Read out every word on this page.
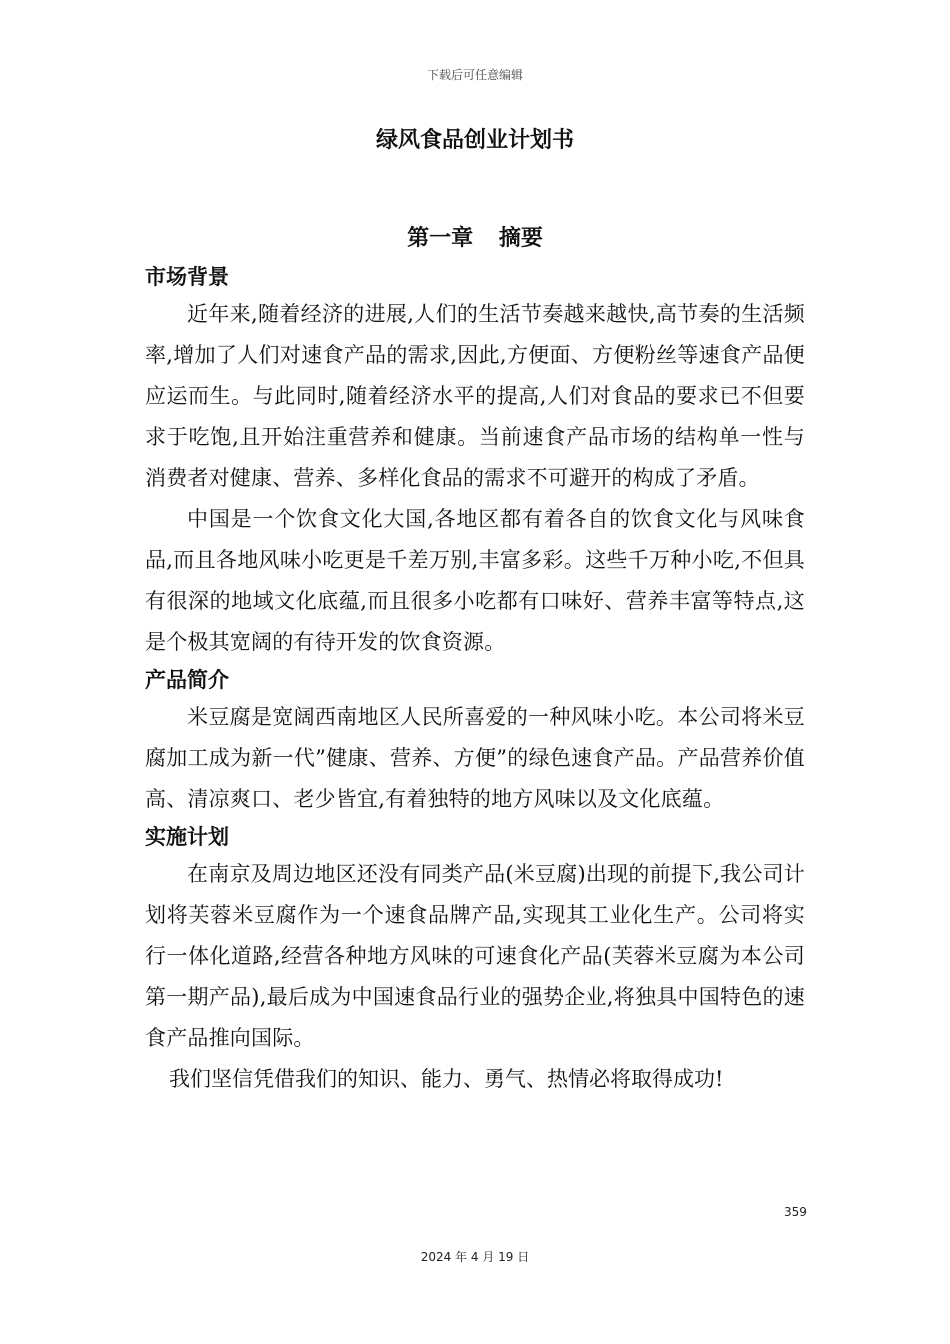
下载后可任意编辑
绿风食品创业计划书
第一章 摘要
市场背景

近年来,随着经济的进展,人们的生活节奏越来越快,高节奏的生活频率,增加了人们对速食产品的需求,因此,方便面、方便粉丝等速食产品便应运而生。与此同时,随着经济水平的提高,人们对食品的要求已不但要求于吃饱,且开始注重营养和健康。当前速食产品市场的结构单一性与消费者对健康、营养、多样化食品的需求不可避开的构成了矛盾。

中国是一个饮食文化大国,各地区都有着各自的饮食文化与风味食品,而且各地风味小吃更是千差万别,丰富多彩。这些千万种小吃,不但具有很深的地域文化底蕴,而且很多小吃都有口味好、营养丰富等特点,这是个极其宽阔的有待开发的饮食资源。

产品简介

米豆腐是宽阔西南地区人民所喜爱的一种风味小吃。本公司将米豆腐加工成为新一代”健康、营养、方便”的绿色速食产品。产品营养价值高、清凉爽口、老少皆宜,有着独特的地方风味以及文化底蕴。

实施计划

在南京及周边地区还没有同类产品(米豆腐)出现的前提下,我公司计划将芙蓉米豆腐作为一个速食品牌产品,实现其工业化生产。公司将实行一体化道路,经营各种地方风味的可速食化产品(芙蓉米豆腐为本公司第一期产品),最后成为中国速食品行业的强势企业,将独具中国特色的速食产品推向国际。

我们坚信凭借我们的知识、能力、勇气、热情必将取得成功!

359
2024 年 4 月 19 日
